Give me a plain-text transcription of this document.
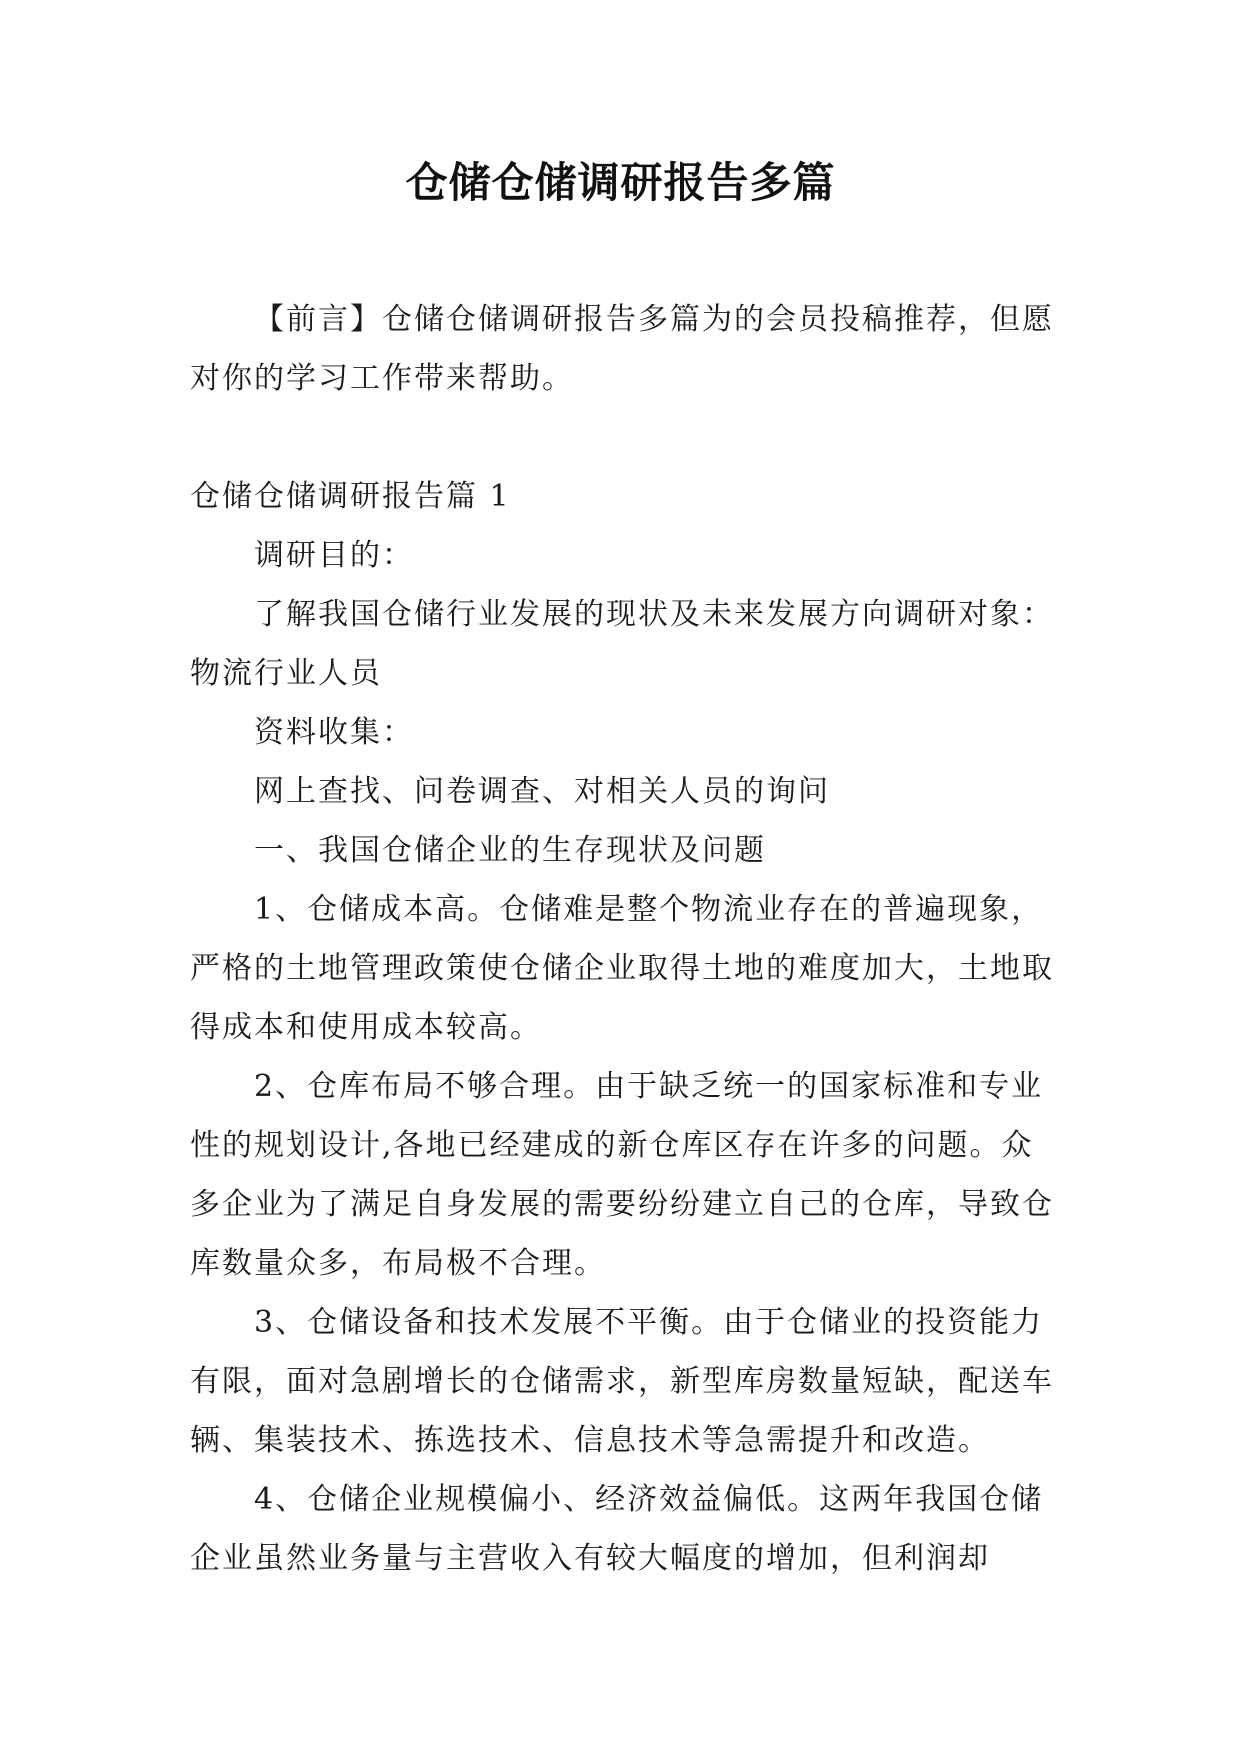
仓储仓储调研报告多篇

【前言】仓储仓储调研报告多篇为的会员投稿推荐，但愿对你的学习工作带来帮助。

仓储仓储调研报告篇 1

调研目的：

了解我国仓储行业发展的现状及未来发展方向调研对象：物流行业人员

资料收集：

网上查找、问卷调查、对相关人员的询问

一、我国仓储企业的生存现状及问题

1、仓储成本高。仓储难是整个物流业存在的普遍现象，严格的土地管理政策使仓储企业取得土地的难度加大，土地取得成本和使用成本较高。

2、仓库布局不够合理。由于缺乏统一的国家标准和专业性的规划设计,各地已经建成的新仓库区存在许多的问题。众多企业为了满足自身发展的需要纷纷建立自己的仓库，导致仓库数量众多，布局极不合理。

3、仓储设备和技术发展不平衡。由于仓储业的投资能力有限，面对急剧增长的仓储需求，新型库房数量短缺，配送车辆、集装技术、拣选技术、信息技术等急需提升和改造。

4、仓储企业规模偏小、经济效益偏低。这两年我国仓储企业虽然业务量与主营收入有较大幅度的增加，但利润却
